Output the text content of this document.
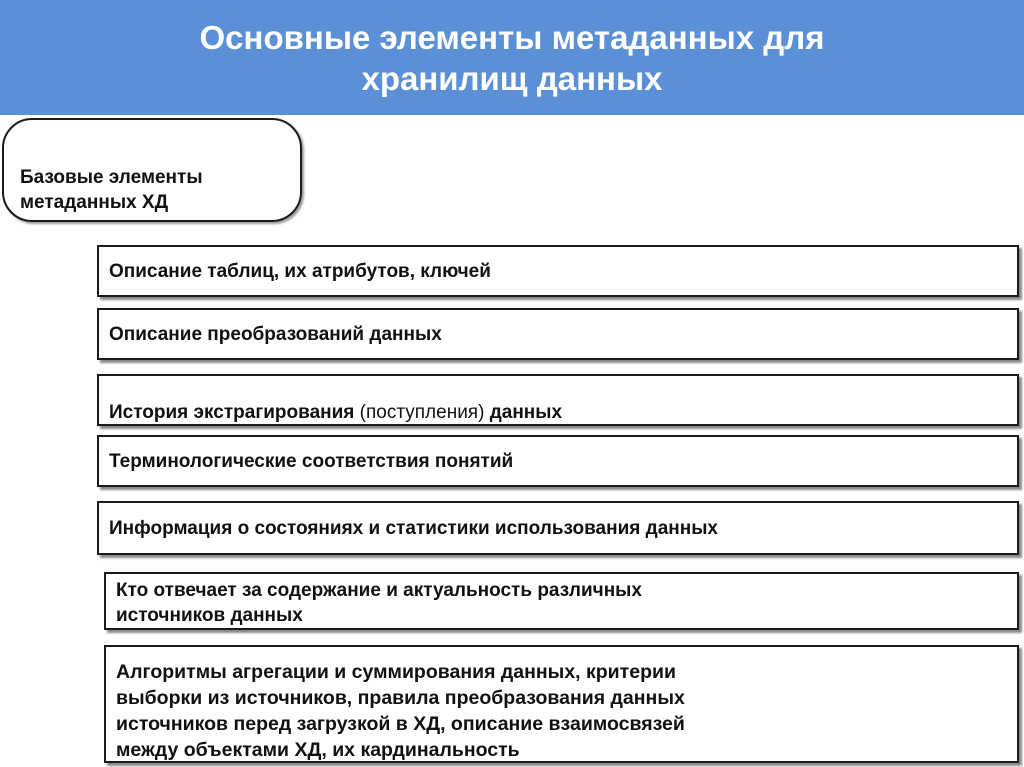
Основные элементы метаданных для
хранилищ данных

Базовые элементы
метаданных ХД

Описание таблиц, их атрибутов, ключей
Описание преобразований данных

История экстрагирования (поступления) данных

Терминологические соответствия понятий
Информация о состояниях и статистики использования данных
Кто отвечает за содержание и актуальность различных
источников данных
Алгоритмы агрегации и суммирования данных, критерии
выборки из источников, правила преобразования данных
источников перед загрузкой в ХД, описание взаимосвязей
между объектами ХД, их кардинальность
